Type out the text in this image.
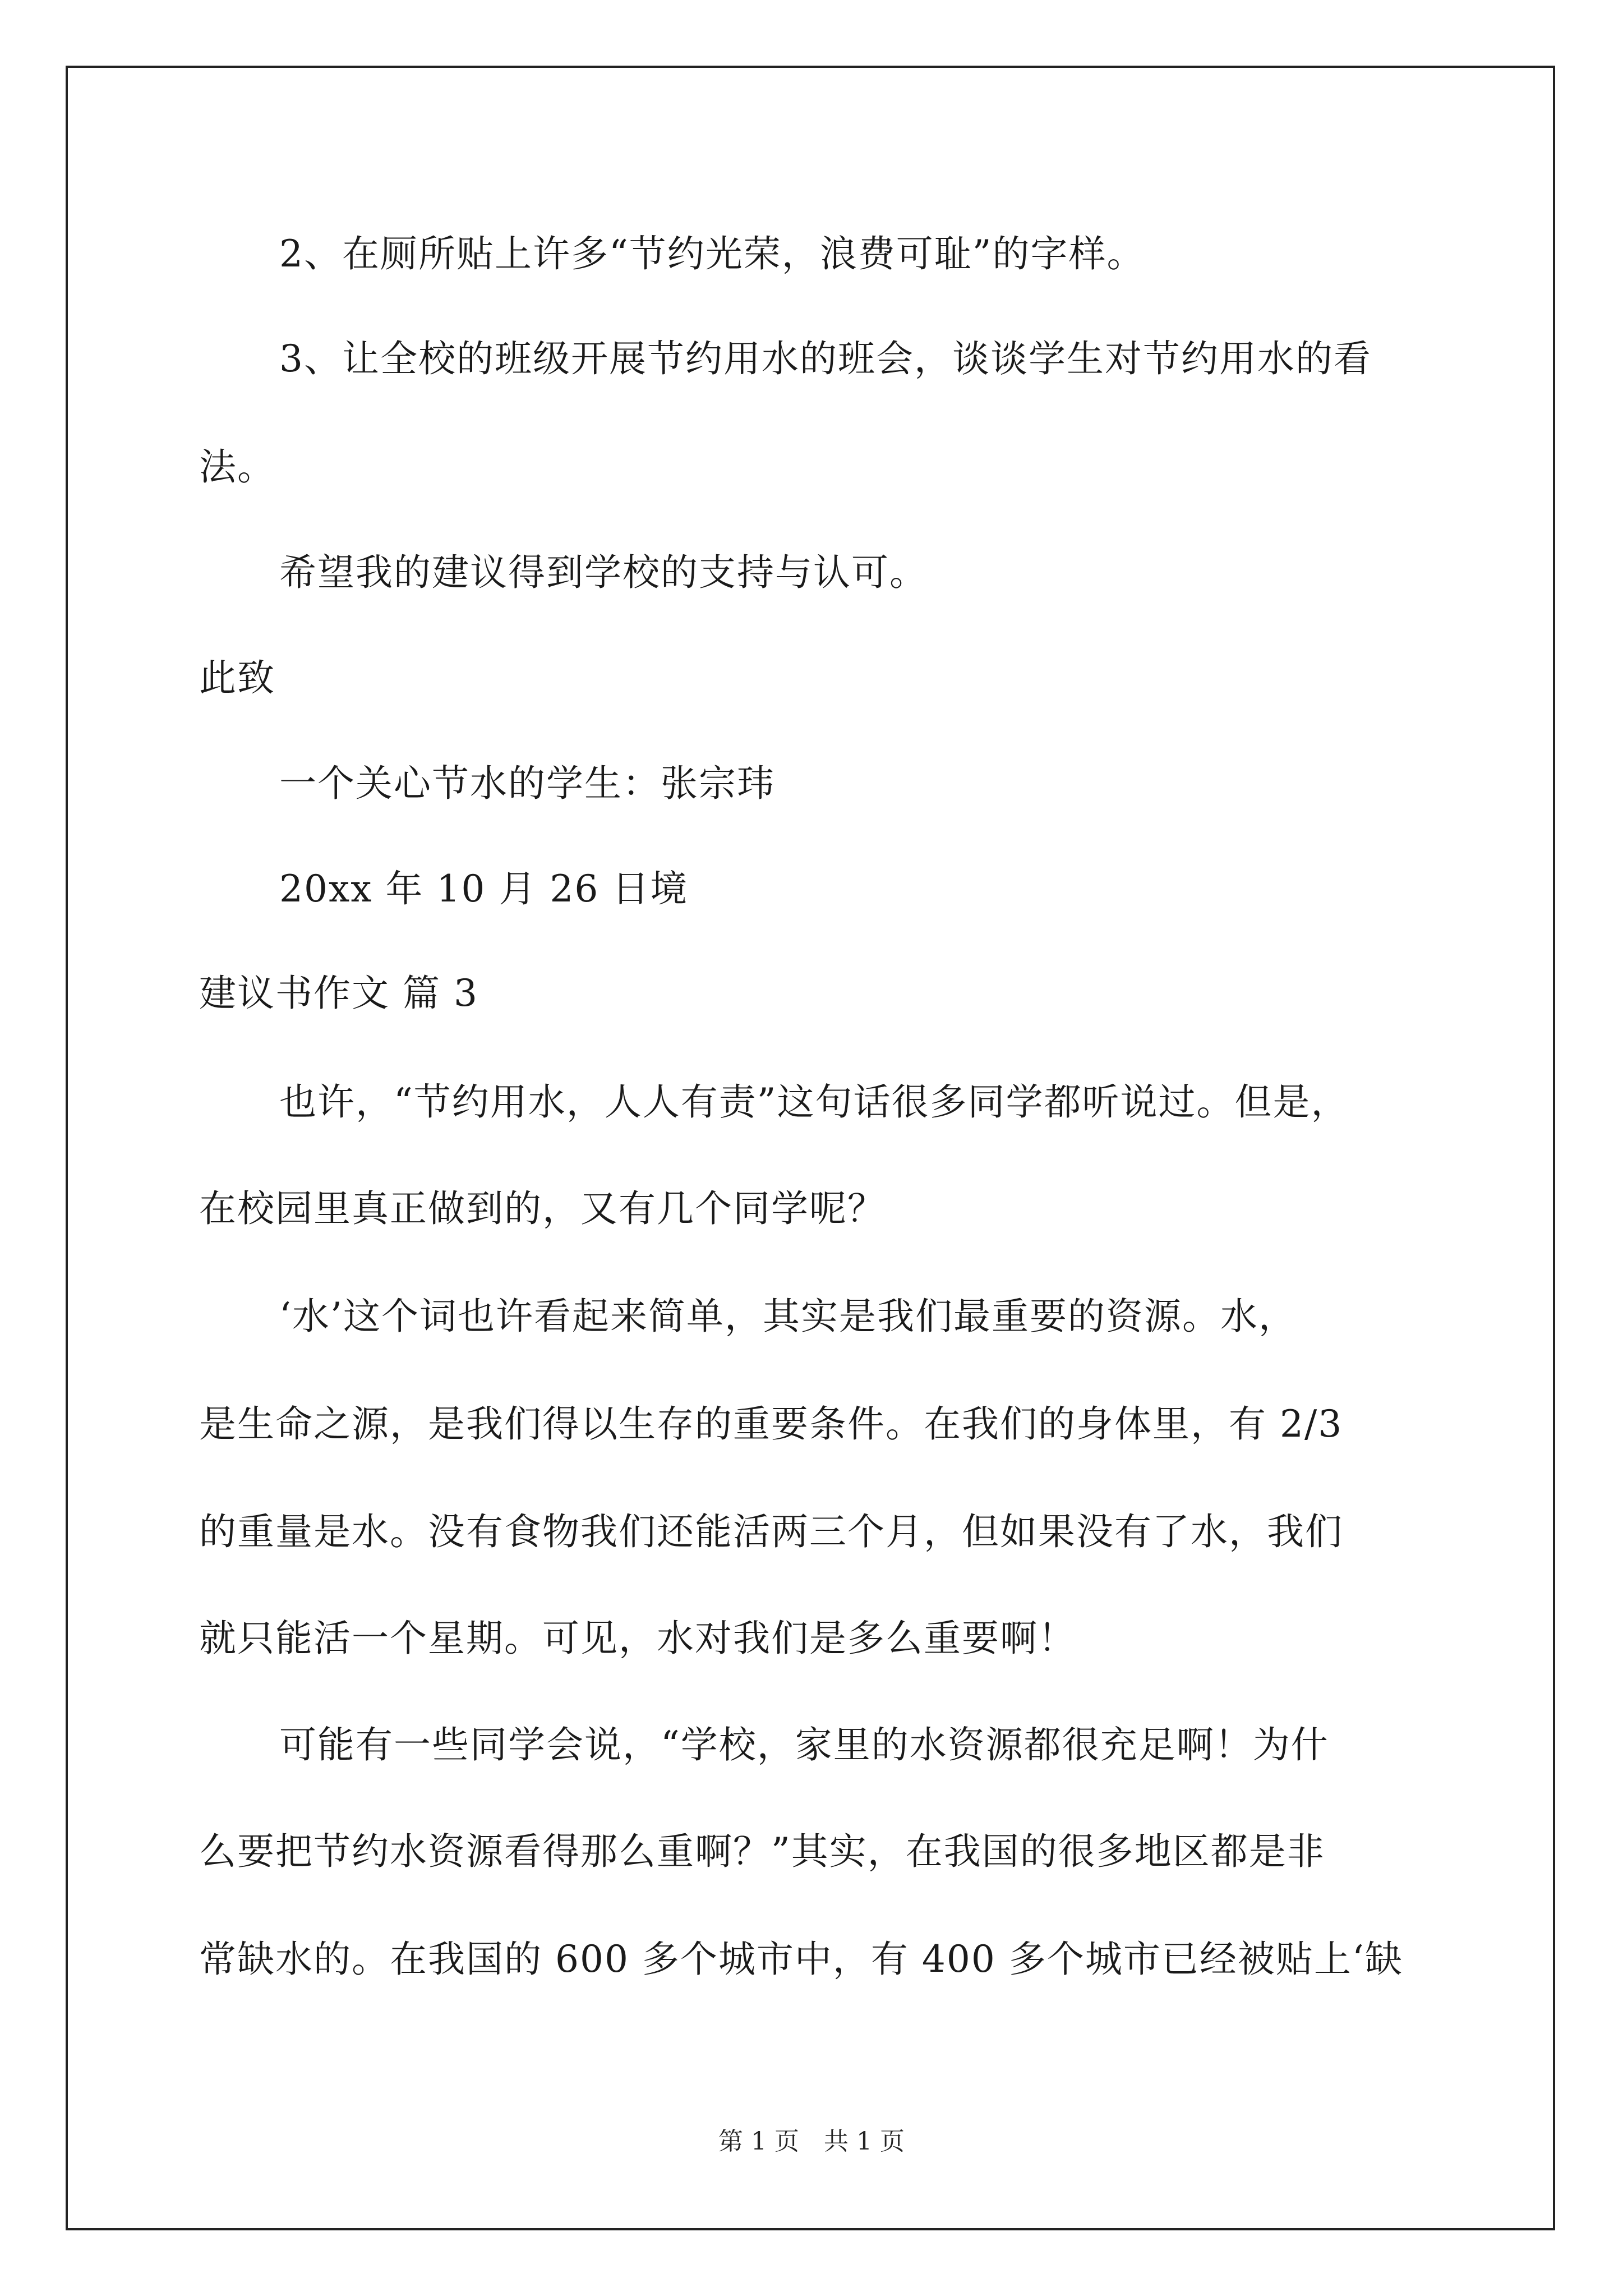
2、在厕所贴上许多“节约光荣，浪费可耻”的字样。
3、让全校的班级开展节约用水的班会，谈谈学生对节约用水的看
法。
希望我的建议得到学校的支持与认可。
此致
一个关心节水的学生：张宗玮
20xx 年 10 月 26 日境
建议书作文 篇 3
也许，“节约用水，人人有责”这句话很多同学都听说过。但是，
在校园里真正做到的，又有几个同学呢？
‘水’这个词也许看起来简单，其实是我们最重要的资源。水，
是生命之源，是我们得以生存的重要条件。在我们的身体里，有 2/3
的重量是水。没有食物我们还能活两三个月，但如果没有了水，我们
就只能活一个星期。可见，水对我们是多么重要啊！
可能有一些同学会说，“学校，家里的水资源都很充足啊！为什
么要把节约水资源看得那么重啊？”其实，在我国的很多地区都是非
常缺水的。在我国的 600 多个城市中，有 400 多个城市已经被贴上‘缺
第 1 页　共 1 页
